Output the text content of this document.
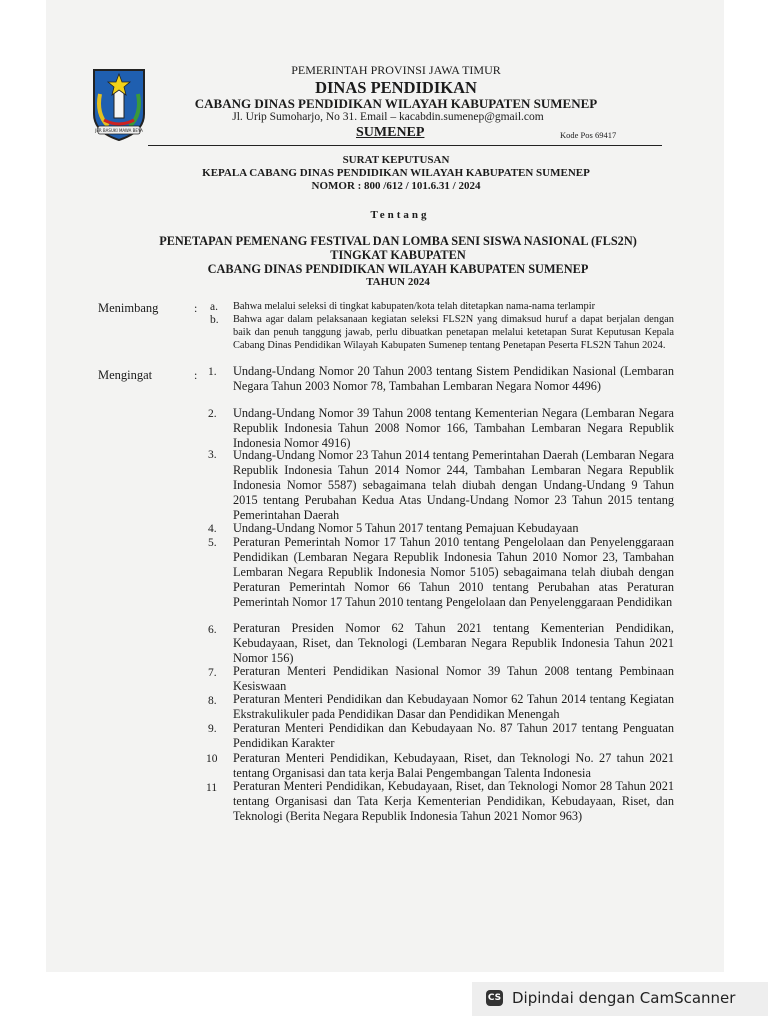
JER BASUKI MAWA BEYA
PEMERINTAH PROVINSI JAWA TIMUR
DINAS PENDIDIKAN
CABANG DINAS PENDIDIKAN WILAYAH KABUPATEN SUMENEP
Jl. Urip Sumoharjo, No 31. Email – kacabdin.sumenep@gmail.com
SUMENEP	Kode Pos 69417
SURAT KEPUTUSAN
KEPALA CABANG DINAS PENDIDIKAN WILAYAH KABUPATEN SUMENEP
NOMOR : 800 /612 / 101.6.31 / 2024
Tentang
PENETAPAN PEMENANG FESTIVAL DAN LOMBA SENI SISWA NASIONAL (FLS2N)
TINGKAT KABUPATEN
CABANG DINAS PENDIDIKAN WILAYAH KABUPATEN SUMENEP
TAHUN 2024
Menimbang	: a. Bahwa melalui seleksi di tingkat kabupaten/kota telah ditetapkan nama-nama terlampir
b. Bahwa agar dalam pelaksanaan kegiatan seleksi FLS2N yang dimaksud huruf a dapat berjalan dengan baik dan penuh tanggung jawab, perlu dibuatkan penetapan melalui ketetapan Surat Keputusan Kepala Cabang Dinas Pendidikan Wilayah Kabupaten Sumenep tentang Penetapan Peserta FLS2N Tahun 2024.
Mengingat	: 1. Undang-Undang Nomor 20 Tahun 2003 tentang Sistem Pendidikan Nasional (Lembaran Negara Tahun 2003 Nomor 78, Tambahan Lembaran Negara Nomor 4496)
2. Undang-Undang Nomor 39 Tahun 2008 tentang Kementerian Negara (Lembaran Negara Republik Indonesia Tahun 2008 Nomor 166, Tambahan Lembaran Negara Republik Indonesia Nomor 4916)
3. Undang-Undang Nomor 23 Tahun 2014 tentang Pemerintahan Daerah (Lembaran Negara Republik Indonesia Tahun 2014 Nomor 244, Tambahan Lembaran Negara Republik Indonesia Nomor 5587) sebagaimana telah diubah dengan Undang-Undang 9 Tahun 2015 tentang Perubahan Kedua Atas Undang-Undang Nomor 23 Tahun 2015 tentang Pemerintahan Daerah
4. Undang-Undang Nomor 5 Tahun 2017 tentang Pemajuan Kebudayaan
5. Peraturan Pemerintah Nomor 17 Tahun 2010 tentang Pengelolaan dan Penyelenggaraan Pendidikan (Lembaran Negara Republik Indonesia Tahun 2010 Nomor 23, Tambahan Lembaran Negara Republik Indonesia Nomor 5105) sebagaimana telah diubah dengan Peraturan Pemerintah Nomor 66 Tahun 2010 tentang Perubahan atas Peraturan Pemerintah Nomor 17 Tahun 2010 tentang Pengelolaan dan Penyelenggaraan Pendidikan
6. Peraturan Presiden Nomor 62 Tahun 2021 tentang Kementerian Pendidikan, Kebudayaan, Riset, dan Teknologi (Lembaran Negara Republik Indonesia Tahun 2021 Nomor 156)
7. Peraturan Menteri Pendidikan Nasional Nomor 39 Tahun 2008 tentang Pembinaan Kesiswaan
8. Peraturan Menteri Pendidikan dan Kebudayaan Nomor 62 Tahun 2014 tentang Kegiatan Ekstrakulikuler pada Pendidikan Dasar dan Pendidikan Menengah
9. Peraturan Menteri Pendidikan dan Kebudayaan No. 87 Tahun 2017 tentang Penguatan Pendidikan Karakter
10 Peraturan Menteri Pendidikan, Kebudayaan, Riset, dan Teknologi No. 27 tahun 2021 tentang Organisasi dan tata kerja Balai Pengembangan Talenta Indonesia
11 Peraturan Menteri Pendidikan, Kebudayaan, Riset, dan Teknologi Nomor 28 Tahun 2021 tentang Organisasi dan Tata Kerja Kementerian Pendidikan, Kebudayaan, Riset, dan Teknologi (Berita Negara Republik Indonesia Tahun 2021 Nomor 963)
CS Dipindai dengan CamScanner
